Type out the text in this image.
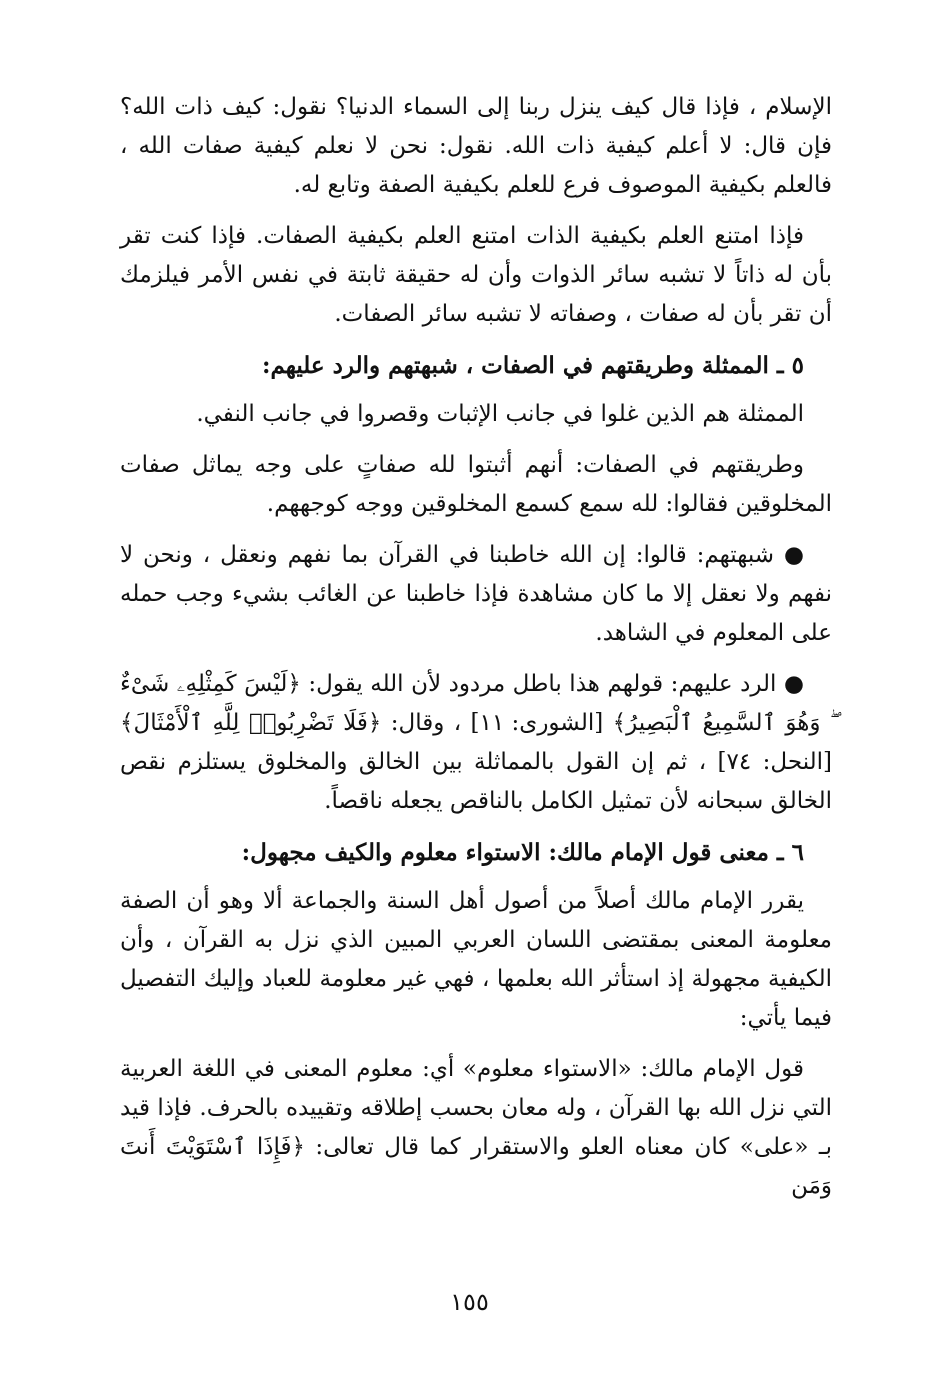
الإسلام ، فإذا قال كيف ينزل ربنا إلى السماء الدنيا؟ نقول: كيف ذات الله؟ فإن قال: لا أعلم كيفية ذات الله. نقول: نحن لا نعلم كيفية صفات الله ، فالعلم بكيفية الموصوف فرع للعلم بكيفية الصفة وتابع له.

فإذا امتنع العلم بكيفية الذات امتنع العلم بكيفية الصفات. فإذا كنت تقر بأن له ذاتاً لا تشبه سائر الذوات وأن له حقيقة ثابتة في نفس الأمر فيلزمك أن تقر بأن له صفات ، وصفاته لا تشبه سائر الصفات.

٥ ـ الممثلة وطريقتهم في الصفات ، شبهتهم والرد عليهم:

الممثلة هم الذين غلوا في جانب الإثبات وقصروا في جانب النفي.

وطريقتهم في الصفات: أنهم أثبتوا لله صفاتٍ على وجه يماثل صفات المخلوقين فقالوا: لله سمع كسمع المخلوقين ووجه كوجههم.

● شبهتهم: قالوا: إن الله خاطبنا في القرآن بما نفهم ونعقل ، ونحن لا نفهم ولا نعقل إلا ما كان مشاهدة فإذا خاطبنا عن الغائب بشيء وجب حمله على المعلوم في الشاهد.

● الرد عليهم: قولهم هذا باطل مردود لأن الله يقول: ﴿لَيْسَ كَمِثْلِهِۦ شَىْءٌ ۖ وَهُوَ ٱلسَّمِيعُ ٱلْبَصِيرُ﴾ [الشورى: ١١] ، وقال: ﴿فَلَا تَضْرِبُوا۟ لِلَّهِ ٱلْأَمْثَالَ﴾ [النحل: ٧٤] ، ثم إن القول بالمماثلة بين الخالق والمخلوق يستلزم نقص الخالق سبحانه لأن تمثيل الكامل بالناقص يجعله ناقصاً.

٦ ـ معنى قول الإمام مالك: الاستواء معلوم والكيف مجهول:

يقرر الإمام مالك أصلاً من أصول أهل السنة والجماعة ألا وهو أن الصفة معلومة المعنى بمقتضى اللسان العربي المبين الذي نزل به القرآن ، وأن الكيفية مجهولة إذ استأثر الله بعلمها ، فهي غير معلومة للعباد وإليك التفصيل فيما يأتي:

قول الإمام مالك: «الاستواء معلوم» أي: معلوم المعنى في اللغة العربية التي نزل الله بها القرآن ، وله معان بحسب إطلاقه وتقييده بالحرف. فإذا قيد بـ «على» كان معناه العلو والاستقرار كما قال تعالى: ﴿فَإِذَا ٱسْتَوَيْتَ أَنتَ وَمَن

١٥٥
